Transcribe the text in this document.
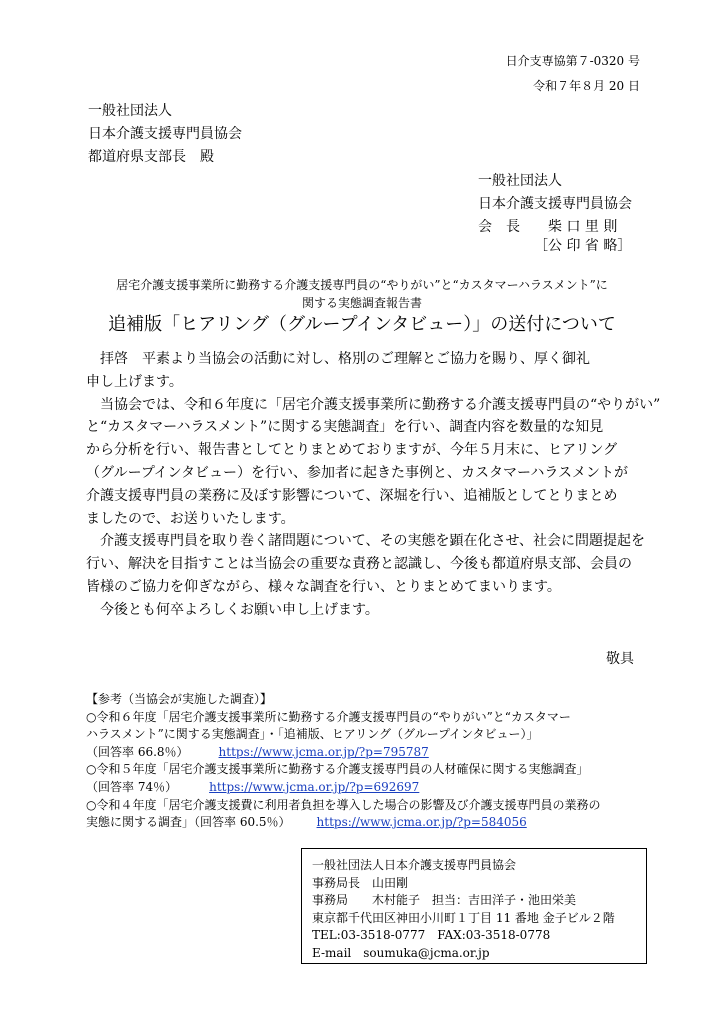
日介支専協第７-0320 号
令和７年８月 20 日
一般社団法人
日本介護支援専門員協会
都道府県支部長　殿
一般社団法人
日本介護支援専門員協会
会　長　　柴 口 里 則
［公 印 省 略］
居宅介護支援事業所に勤務する介護支援専門員の“やりがい”と“カスタマーハラスメント”に
関する実態調査報告書
追補版「ヒアリング（グループインタビュー）」の送付について

　拝啓　平素より当協会の活動に対し、格別のご理解とご協力を賜り、厚く御礼

申し上げます。

　当協会では、令和６年度に「居宅介護支援事業所に勤務する介護支援専門員の“やりがい”

と“カスタマーハラスメント”に関する実態調査」を行い、調査内容を数量的な知見

から分析を行い、報告書としてとりまとめておりますが、今年５月末に、ヒアリング

（グループインタビュー）を行い、参加者に起きた事例と、カスタマーハラスメントが

介護支援専門員の業務に及ぼす影響について、深堀を行い、追補版としてとりまとめ

ましたので、お送りいたします。

　介護支援専門員を取り巻く諸問題について、その実態を顕在化させ、社会に問題提起を

行い、解決を目指すことは当協会の重要な責務と認識し、今後も都道府県支部、会員の

皆様のご協力を仰ぎながら、様々な調査を行い、とりまとめてまいります。

　今後とも何卒よろしくお願い申し上げます。

敬具
【参考（当協会が実施した調査）】
○令和６年度「居宅介護支援事業所に勤務する介護支援専門員の“やりがい”と“カスタマー
ハラスメント”に関する実態調査」・「追補版、ヒアリング（グループインタビュー）」
（回答率 66.8％）	https://www.jcma.or.jp/?p=795787
○令和５年度「居宅介護支援事業所に勤務する介護支援専門員の人材確保に関する実態調査」
（回答率 74％）	https://www.jcma.or.jp/?p=692697
○令和４年度「居宅介護支援費に利用者負担を導入した場合の影響及び介護支援専門員の業務の
実態に関する調査」（回答率 60.5％） https://www.jcma.or.jp/?p=584056
一般社団法人日本介護支援専門員協会
事務局長　山田剛
事務局　　木村能子　担当：吉田洋子・池田栄美
東京都千代田区神田小川町１丁目 11 番地 金子ビル２階
TEL:03-3518-0777　FAX:03-3518-0778
E-mail　soumuka@jcma.or.jp
